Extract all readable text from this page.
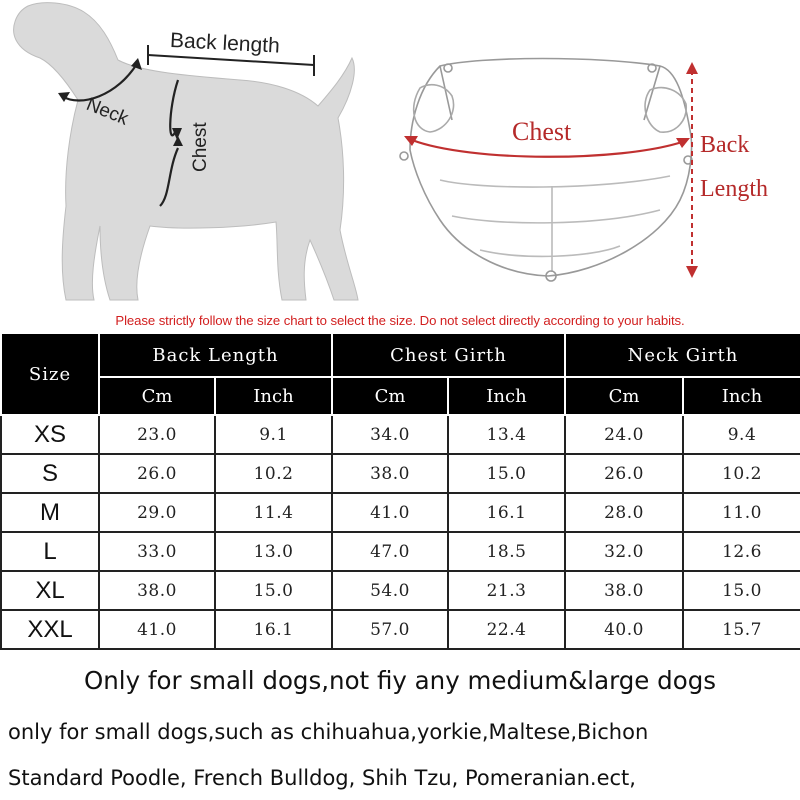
Back length
Neck
Chest	Chest	Back
Length
Please strictly follow the size chart to select the size. Do not select directly according to your habits.
Size	Back Length		Chest Girth		Neck Girth	
	Cm	Inch	Cm	Inch	Cm	Inch
XS	23.0	9.1	34.0	13.4	24.0	9.4
S	26.0	10.2	38.0	15.0	26.0	10.2
M	29.0	11.4	41.0	16.1	28.0	11.0
L	33.0	13.0	47.0	18.5	32.0	12.6
XL	38.0	15.0	54.0	21.3	38.0	15.0
XXL	41.0	16.1	57.0	22.4	40.0	15.7
Only for small dogs,not fiy any medium&large dogs
only for small dogs,such as chihuahua,yorkie,Maltese,Bichon
Standard Poodle, French Bulldog, Shih Tzu, Pomeranian.ect,
